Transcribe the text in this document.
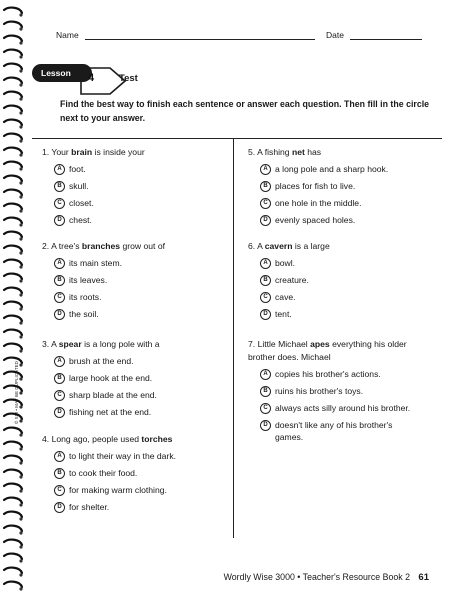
Name	Date
Lesson	4	Test
Find the best way to finish each sentence or answer each question. Then fill in the circle next to your answer.

1. Your brain is inside your

A foot.
B skull.
C closet.
D chest.

2. A tree's branches grow out of

A its main stem.
B its leaves.
C its roots.
D the soil.

3. A spear is a long pole with a

A brush at the end.
B large hook at the end.
C sharp blade at the end.
D fishing net at the end.

4. Long ago, people used torches

A to light their way in the dark.
B to cook their food.
C for making warm clothing.
D for shelter.

5. A fishing net has

A a long pole and a sharp hook.
B places for fish to live.
C one hole in the middle.
D evenly spaced holes.

6. A cavern is a large

A bowl.
B creature.
C cave.
D tent.

7. Little Michael apes everything his older brother does. Michael

A copies his brother's actions.
B ruins his brother's toys.
C always acts silly around his brother.
D doesn't like any of his brother's games.
© SSI • MAY BE DUPLICATED
Wordly Wise 3000 • Teacher's Resource Book 2 61
